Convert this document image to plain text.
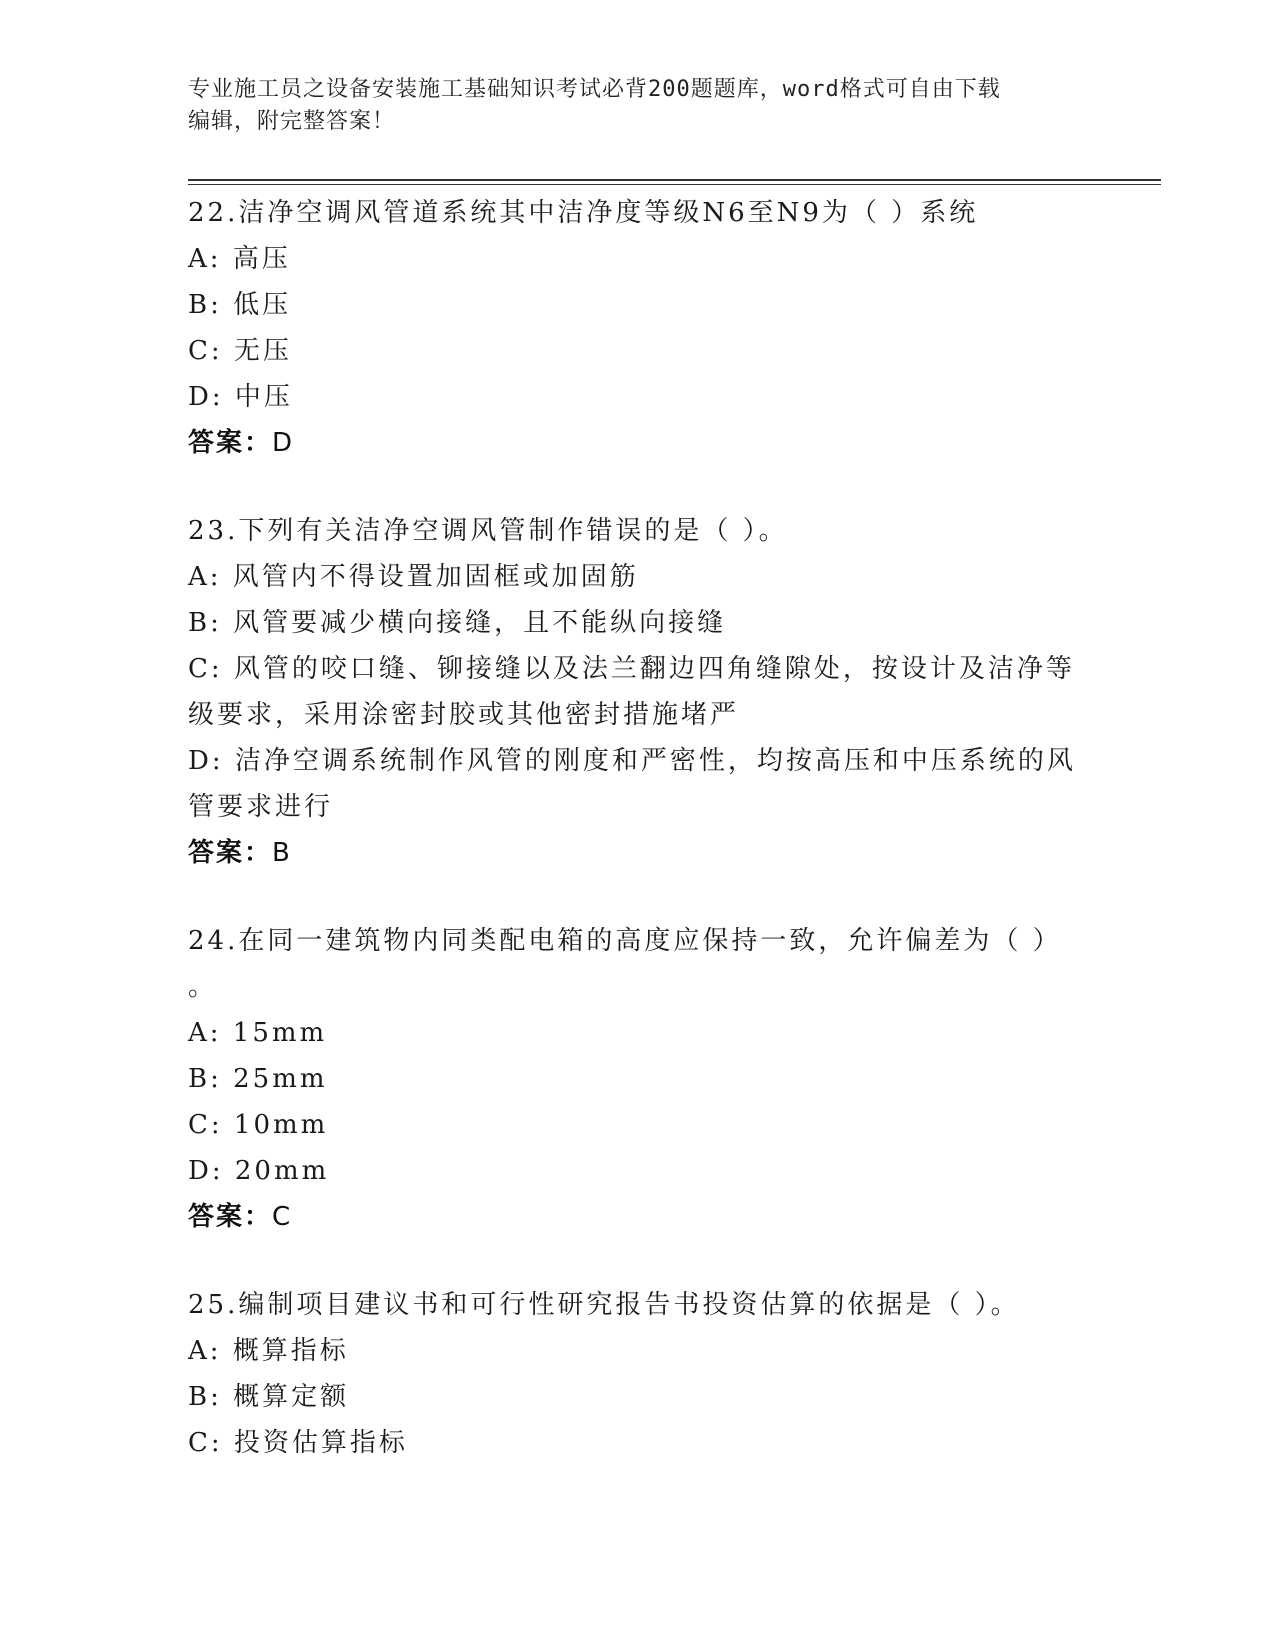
专业施工员之设备安装施工基础知识考试必背200题题库，word格式可自由下载
编辑，附完整答案！
22.洁净空调风管道系统其中洁净度等级N6至N9为（ ）系统
A: 高压
B: 低压
C: 无压
D: 中压
答案：D
23.下列有关洁净空调风管制作错误的是（ ）。
A: 风管内不得设置加固框或加固筋
B: 风管要减少横向接缝，且不能纵向接缝
C: 风管的咬口缝、铆接缝以及法兰翻边四角缝隙处，按设计及洁净等
级要求，采用涂密封胶或其他密封措施堵严
D: 洁净空调系统制作风管的刚度和严密性，均按高压和中压系统的风
管要求进行
答案：B
24.在同一建筑物内同类配电箱的高度应保持一致，允许偏差为（ ）
。
A: 15mm
B: 25mm
C: 10mm
D: 20mm
答案：C
25.编制项目建议书和可行性研究报告书投资估算的依据是（ ）。
A: 概算指标
B: 概算定额
C: 投资估算指标
